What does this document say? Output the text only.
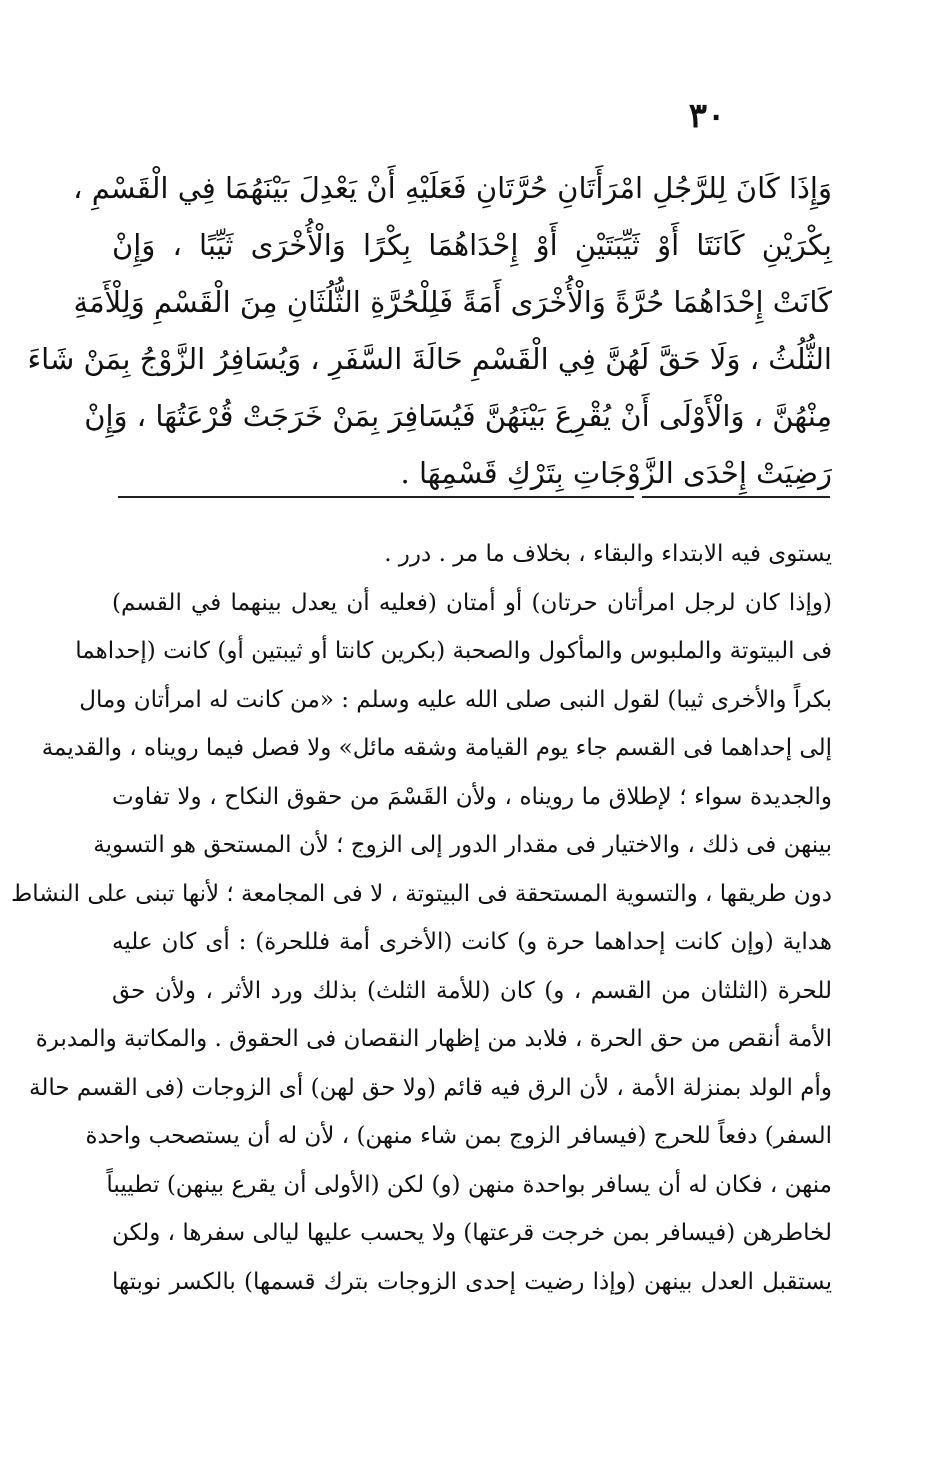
٣٠
وَإِذَا كَانَ لِلرَّجُلِ امْرَأَتَانِ حُرَّتَانِ فَعَلَيْهِ أَنْ يَعْدِلَ بَيْنَهُمَا فِي الْقَسْمِ ،
بِكْرَيْنِ كَانَتَا أَوْ ثَيِّبَتَيْنِ أَوْ إِحْدَاهُمَا بِكْرًا وَالْأُخْرَى ثَيِّبًا ، وَإِنْ
كَانَتْ إِحْدَاهُمَا حُرَّةً وَالْأُخْرَى أَمَةً فَلِلْحُرَّةِ الثُّلُثَانِ مِنَ الْقَسْمِ وَلِلْأَمَةِ
الثُّلُثُ ، وَلَا حَقَّ لَهُنَّ فِي الْقَسْمِ حَالَةَ السَّفَرِ ، وَيُسَافِرُ الزَّوْجُ بِمَنْ شَاءَ
مِنْهُنَّ ، وَالْأَوْلَى أَنْ يُقْرِعَ بَيْنَهُنَّ فَيُسَافِرَ بِمَنْ خَرَجَتْ قُرْعَتُهَا ، وَإِنْ
رَضِيَتْ إِحْدَى الزَّوْجَاتِ بِتَرْكِ قَسْمِهَا .
يستوى فيه الابتداء والبقاء ، بخلاف ما مر . درر .
(وإذا كان لرجل امرأتان حرتان) أو أمتان (فعليه أن يعدل بينهما في القسم)
فى البيتوتة والملبوس والمأكول والصحبة (بكرين كانتا أو ثيبتين أو) كانت (إحداهما
بكراً والأخرى ثيبا) لقول النبى صلى الله عليه وسلم : «من كانت له امرأتان ومال
إلى إحداهما فى القسم جاء يوم القيامة وشقه مائل» ولا فصل فيما رويناه ، والقديمة
والجديدة سواء ؛ لإطلاق ما رويناه ، ولأن القَسْمَ من حقوق النكاح ، ولا تفاوت
بينهن فى ذلك ، والاختيار فى مقدار الدور إلى الزوج ؛ لأن المستحق هو التسوية
دون طريقها ، والتسوية المستحقة فى البيتوتة ، لا فى المجامعة ؛ لأنها تبنى على النشاط
هداية (وإن كانت إحداهما حرة و) كانت (الأخرى أمة فللحرة) : أى كان عليه
للحرة (الثلثان من القسم ، و) كان (للأمة الثلث) بذلك ورد الأثر ، ولأن حق
الأمة أنقص من حق الحرة ، فلابد من إظهار النقصان فى الحقوق . والمكاتبة والمدبرة
وأم الولد بمنزلة الأمة ، لأن الرق فيه قائم (ولا حق لهن) أى الزوجات (فى القسم حالة
السفر) دفعاً للحرج (فيسافر الزوج بمن شاء منهن) ، لأن له أن يستصحب واحدة
منهن ، فكان له أن يسافر بواحدة منهن (و) لكن (الأولى أن يقرع بينهن) تطييباً
لخاطرهن (فيسافر بمن خرجت قرعتها) ولا يحسب عليها ليالى سفرها ، ولكن
يستقبل العدل بينهن (وإذا رضيت إحدى الزوجات بترك قسمها) بالكسر نوبتها
